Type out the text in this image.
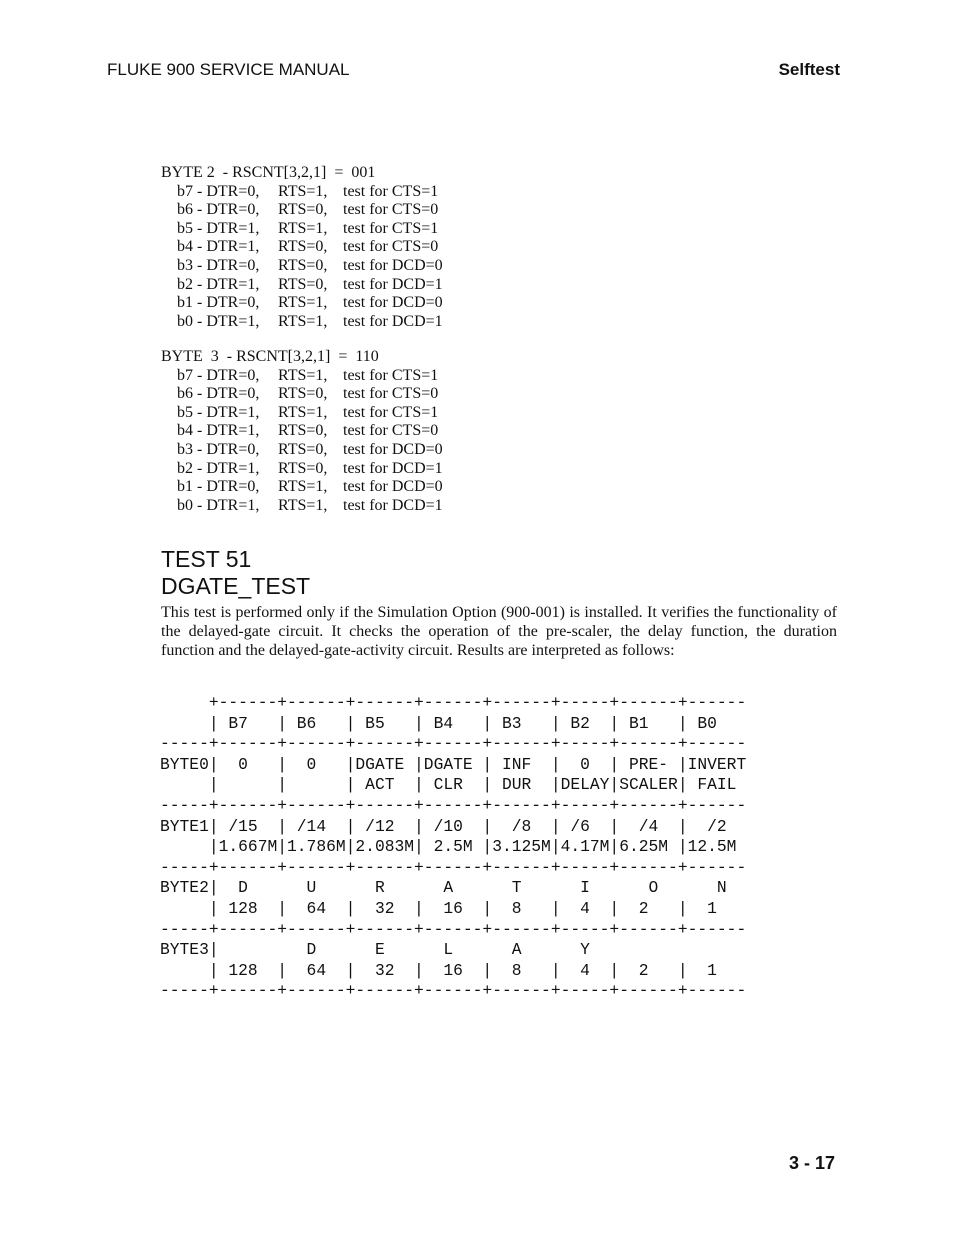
FLUKE 900 SERVICE MANUAL	Selftest
BYTE 2  - RSCNT[3,2,1]  =  001
b7 - DTR=0, RTS=1, test for CTS=1
b6 - DTR=0, RTS=0, test for CTS=0
b5 - DTR=1, RTS=1, test for CTS=1
b4 - DTR=1, RTS=0, test for CTS=0
b3 - DTR=0, RTS=0, test for DCD=0
b2 - DTR=1, RTS=0, test for DCD=1
b1 - DTR=0, RTS=1, test for DCD=0
b0 - DTR=1, RTS=1, test for DCD=1
BYTE  3  - RSCNT[3,2,1]  =  110
b7 - DTR=0, RTS=1, test for CTS=1
b6 - DTR=0, RTS=0, test for CTS=0
b5 - DTR=1, RTS=1, test for CTS=1
b4 - DTR=1, RTS=0, test for CTS=0
b3 - DTR=0, RTS=0, test for DCD=0
b2 - DTR=1, RTS=0, test for DCD=1
b1 - DTR=0, RTS=1, test for DCD=0
b0 - DTR=1, RTS=1, test for DCD=1
TEST 51
DGATE_TEST
This test is performed only if the Simulation Option (900-001) is installed. It verifies the functionality of the delayed-gate circuit. It checks the operation of the pre-scaler, the delay function, the duration function and the delayed-gate-activity circuit. Results are interpreted as follows:
+------+------+------+------+------+-----+------+------
| B7   | B6   | B5   | B4   | B3   | B2  | B1   | B0
-----+------+------+------+------+------+-----+------+------
BYTE0|  0   |  0   |DGATE |DGATE | INF  |  0  | PRE- |INVERT
|      |      | ACT  | CLR  | DUR  |DELAY|SCALER| FAIL
-----+------+------+------+------+------+-----+------+------
BYTE1| /15  | /14  | /12  | /10  |  /8  | /6  |  /4  |  /2
|1.667M|1.786M|2.083M| 2.5M |3.125M|4.17M|6.25M |12.5M
-----+------+------+------+------+------+-----+------+------
BYTE2|  D      U      R      A      T      I      O      N
| 128  |  64  |  32  |  16  |  8   |  4  |  2   |  1
-----+------+------+------+------+------+-----+------+------
BYTE3|         D      E      L      A      Y
| 128  |  64  |  32  |  16  |  8   |  4  |  2   |  1
-----+------+------+------+------+------+-----+------+------
3 - 17
